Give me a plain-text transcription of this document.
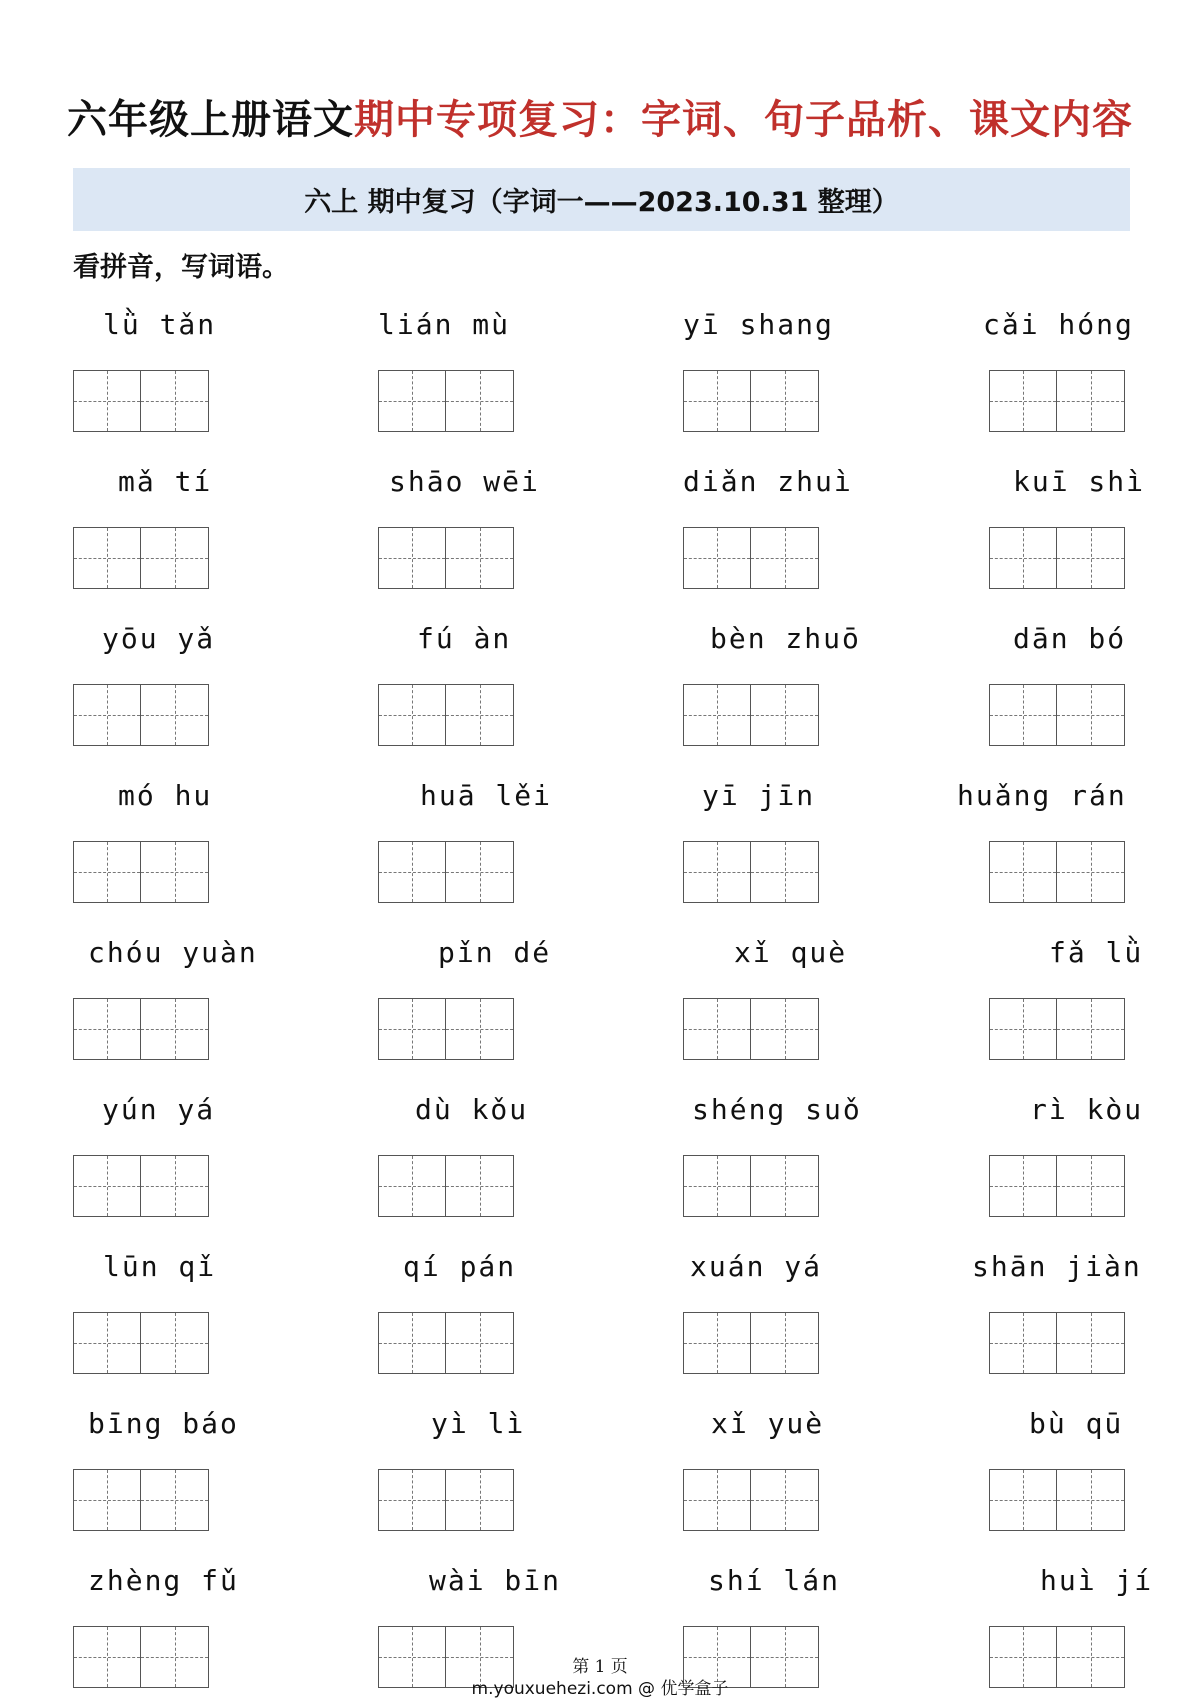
六年级上册语文期中专项复习：字词、句子品析、课文内容
六上 期中复习（字词一——2023.10.31 整理）
看拼音，写词语。
lǜ tǎn	lián mù	yī shang	cǎi hóng
mǎ tí	shāo wēi	diǎn zhuì	kuī shì
yōu yǎ	fú àn	bèn zhuō	dān bó
mó hu	huā lěi	yī jīn	huǎng rán
chóu yuàn	pǐn dé	xǐ què	fǎ lǜ
yún yá	dù kǒu	shéng suǒ	rì kòu
lūn qǐ	qí pán	xuán yá	shān jiàn
bīng báo	yì lì	xǐ yuè	bù qū
zhèng fǔ	wài bīn	shí lán	huì jí
第 1 页
m.youxuehezi.com @ 优学盒子
